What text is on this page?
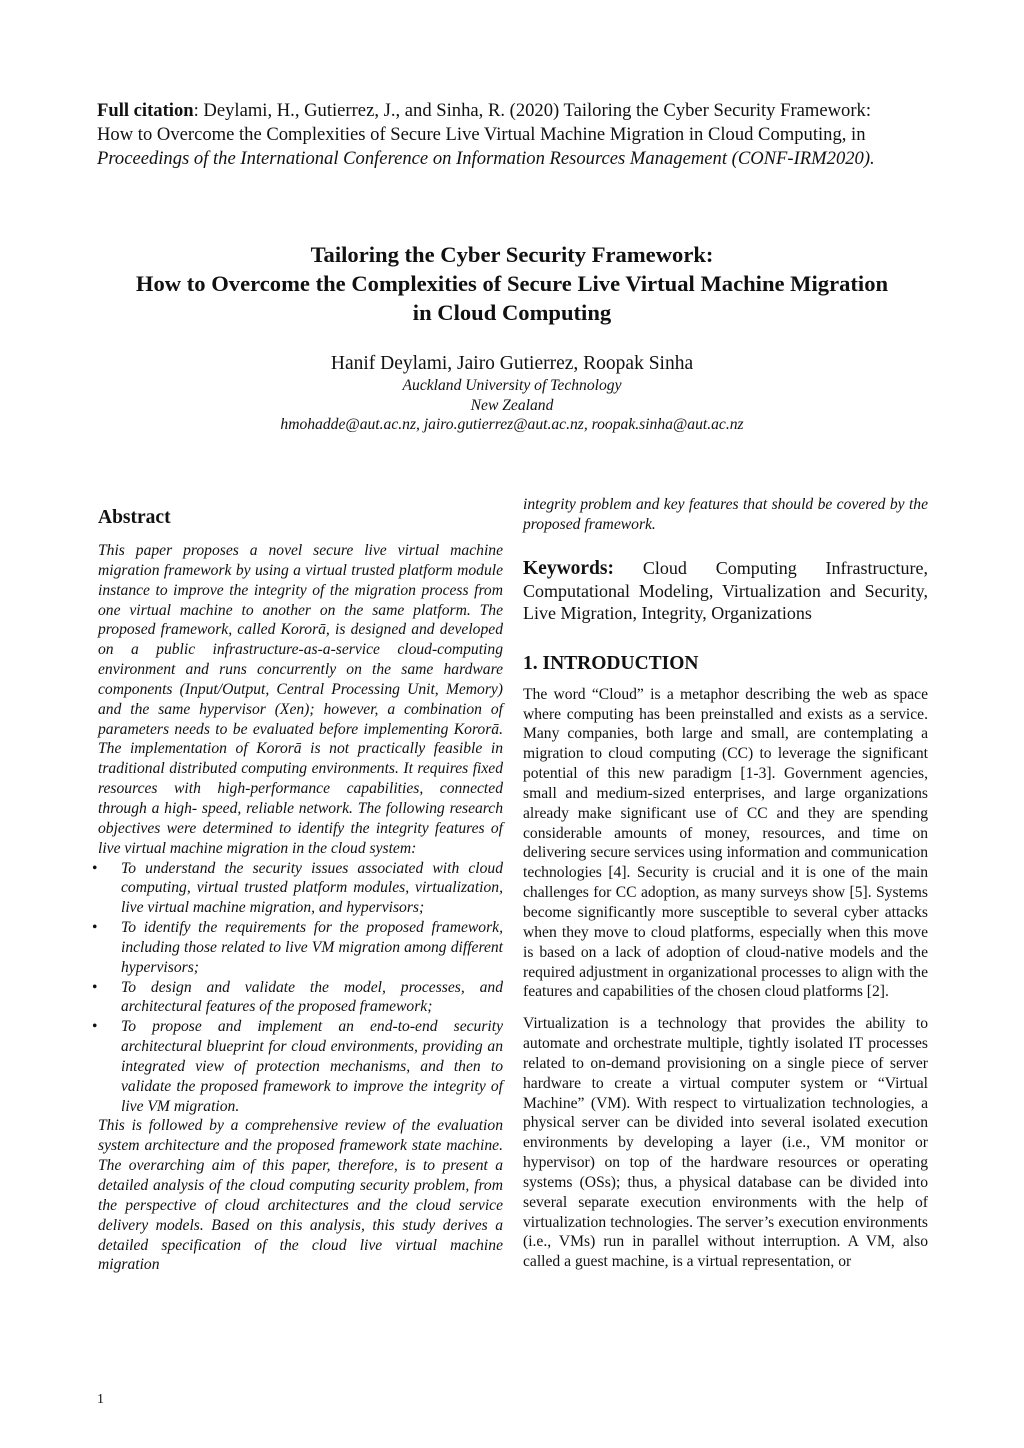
Full citation: Deylami, H., Gutierrez, J., and Sinha, R. (2020) Tailoring the Cyber Security Framework: How to Overcome the Complexities of Secure Live Virtual Machine Migration in Cloud Computing, in Proceedings of the International Conference on Information Resources Management (CONF-IRM2020).
Tailoring the Cyber Security Framework:
How to Overcome the Complexities of Secure Live Virtual Machine Migration
in Cloud Computing
Hanif Deylami, Jairo Gutierrez, Roopak Sinha
Auckland University of Technology
New Zealand
hmohadde@aut.ac.nz, jairo.gutierrez@aut.ac.nz, roopak.sinha@aut.ac.nz
Abstract
This paper proposes a novel secure live virtual machine migration framework by using a virtual trusted platform module instance to improve the integrity of the migration process from one virtual machine to another on the same platform. The proposed framework, called Kororā, is designed and developed on a public infrastructure-as-a-service cloud-computing environment and runs concurrently on the same hardware components (Input/Output, Central Processing Unit, Memory) and the same hypervisor (Xen); however, a combination of parameters needs to be evaluated before implementing Kororā. The implementation of Kororā is not practically feasible in traditional distributed computing environments. It requires fixed resources with high-performance capabilities, connected through a high- speed, reliable network. The following research objectives were determined to identify the integrity features of live virtual machine migration in the cloud system:
• To understand the security issues associated with cloud computing, virtual trusted platform modules, virtualization, live virtual machine migration, and hypervisors;
• To identify the requirements for the proposed framework, including those related to live VM migration among different hypervisors;
• To design and validate the model, processes, and architectural features of the proposed framework;
• To propose and implement an end-to-end security architectural blueprint for cloud environments, providing an integrated view of protection mechanisms, and then to validate the proposed framework to improve the integrity of live VM migration.
This is followed by a comprehensive review of the evaluation system architecture and the proposed framework state machine. The overarching aim of this paper, therefore, is to present a detailed analysis of the cloud computing security problem, from the perspective of cloud architectures and the cloud service delivery models. Based on this analysis, this study derives a detailed specification of the cloud live virtual machine migration
integrity problem and key features that should be covered by the proposed framework.
Keywords: Cloud Computing Infrastructure, Computational Modeling, Virtualization and Security, Live Migration, Integrity, Organizations
1. INTRODUCTION
The word “Cloud” is a metaphor describing the web as space where computing has been preinstalled and exists as a service. Many companies, both large and small, are contemplating a migration to cloud computing (CC) to leverage the significant potential of this new paradigm [1-3]. Government agencies, small and medium-sized enterprises, and large organizations already make significant use of CC and they are spending considerable amounts of money, resources, and time on delivering secure services using information and communication technologies [4]. Security is crucial and it is one of the main challenges for CC adoption, as many surveys show [5]. Systems become significantly more susceptible to several cyber attacks when they move to cloud platforms, especially when this move is based on a lack of adoption of cloud-native models and the required adjustment in organizational processes to align with the features and capabilities of the chosen cloud platforms [2].
Virtualization is a technology that provides the ability to automate and orchestrate multiple, tightly isolated IT processes related to on-demand provisioning on a single piece of server hardware to create a virtual computer system or “Virtual Machine” (VM). With respect to virtualization technologies, a physical server can be divided into several isolated execution environments by developing a layer (i.e., VM monitor or hypervisor) on top of the hardware resources or operating systems (OSs); thus, a physical database can be divided into several separate execution environments with the help of virtualization technologies. The server’s execution environments (i.e., VMs) run in parallel without interruption. A VM, also called a guest machine, is a virtual representation, or
1
